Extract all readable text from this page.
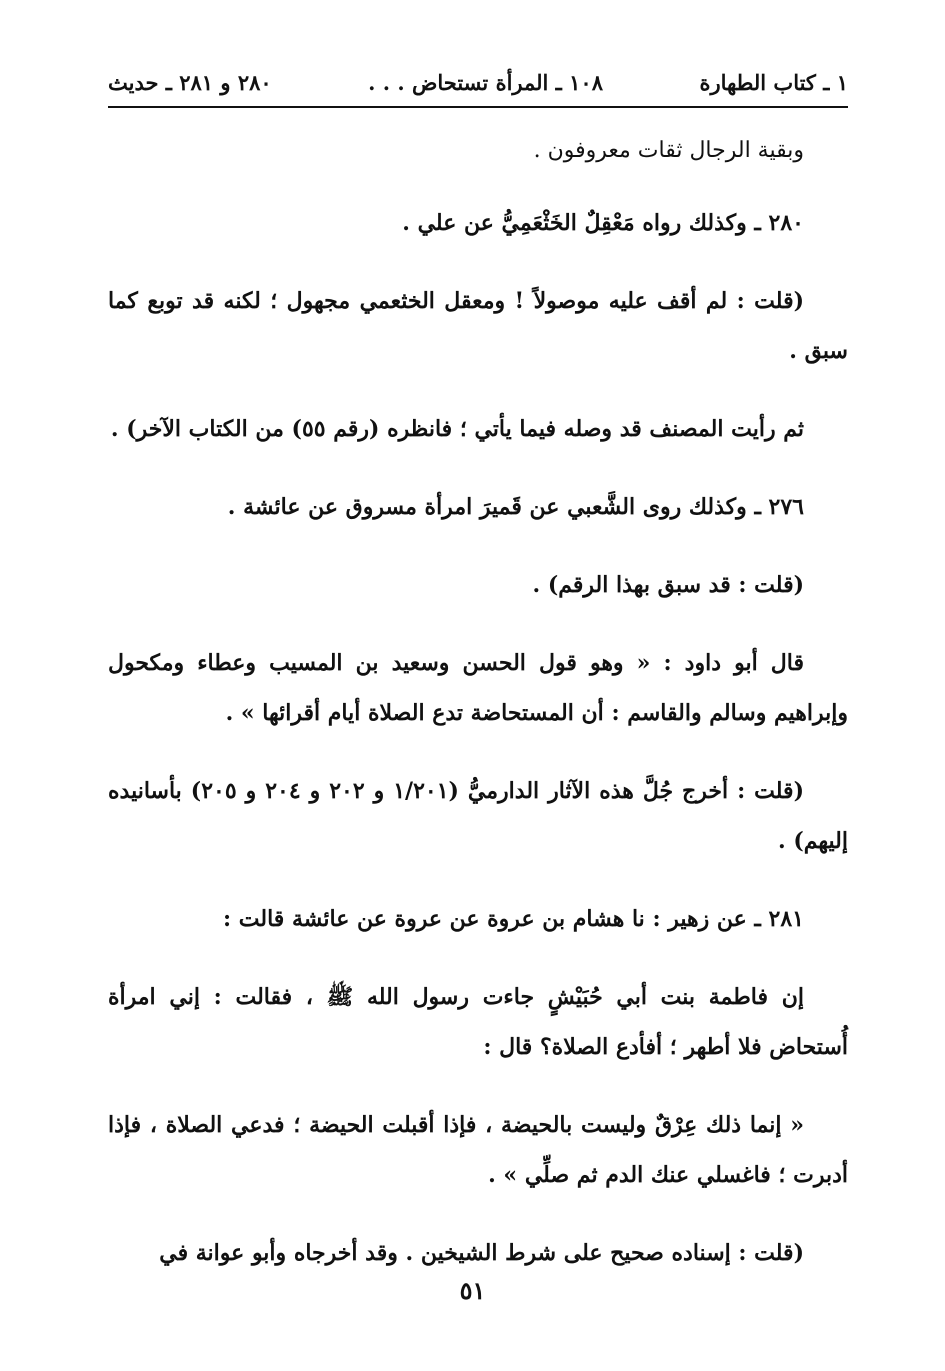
١ ـ كتاب الطهارة
١٠٨ ـ المرأة تستحاض . . .
٢٨٠ و ٢٨١ ـ حديث

وبقية الرجال ثقات معروفون .

٢٨٠ ـ وكذلك رواه مَعْقِلٌ الخَثْعَمِيُّ عن علي .

(قلت : لم أقف عليه موصولاً ! ومعقل الخثعمي مجهول ؛ لكنه قد توبع كما سبق .

ثم رأيت المصنف قد وصله فيما يأتي ؛ فانظره (رقم ٥٥) من الكتاب الآخر) .

٢٧٦ ـ وكذلك روى الشَّعبي عن قَميرَ امرأة مسروق عن عائشة .

(قلت : قد سبق بهذا الرقم) .

قال أبو داود : « وهو قول الحسن وسعيد بن المسيب وعطاء ومكحول وإبراهيم وسالم والقاسم : أن المستحاضة تدع الصلاة أيام أقرائها » .

(قلت : أخرج جُلَّ هذه الآثار الدارميُّ (١/٢٠١ و ٢٠٢ و ٢٠٤ و ٢٠٥) بأسانيده إليهم) .

٢٨١ ـ عن زهير : نا هشام بن عروة عن عروة عن عائشة قالت :

إن فاطمة بنت أبي حُبَيْشٍ جاءت رسول الله ﷺ ، فقالت : إني امرأة أُستحاض فلا أطهر ؛ أفأدع الصلاة؟ قال :

« إنما ذلك عِرْقٌ وليست بالحيضة ، فإذا أقبلت الحيضة ؛ فدعي الصلاة ، فإذا أدبرت ؛ فاغسلي عنك الدم ثم صلِّي » .

(قلت : إسناده صحيح على شرط الشيخين . وقد أخرجاه وأبو عوانة في

٥١
